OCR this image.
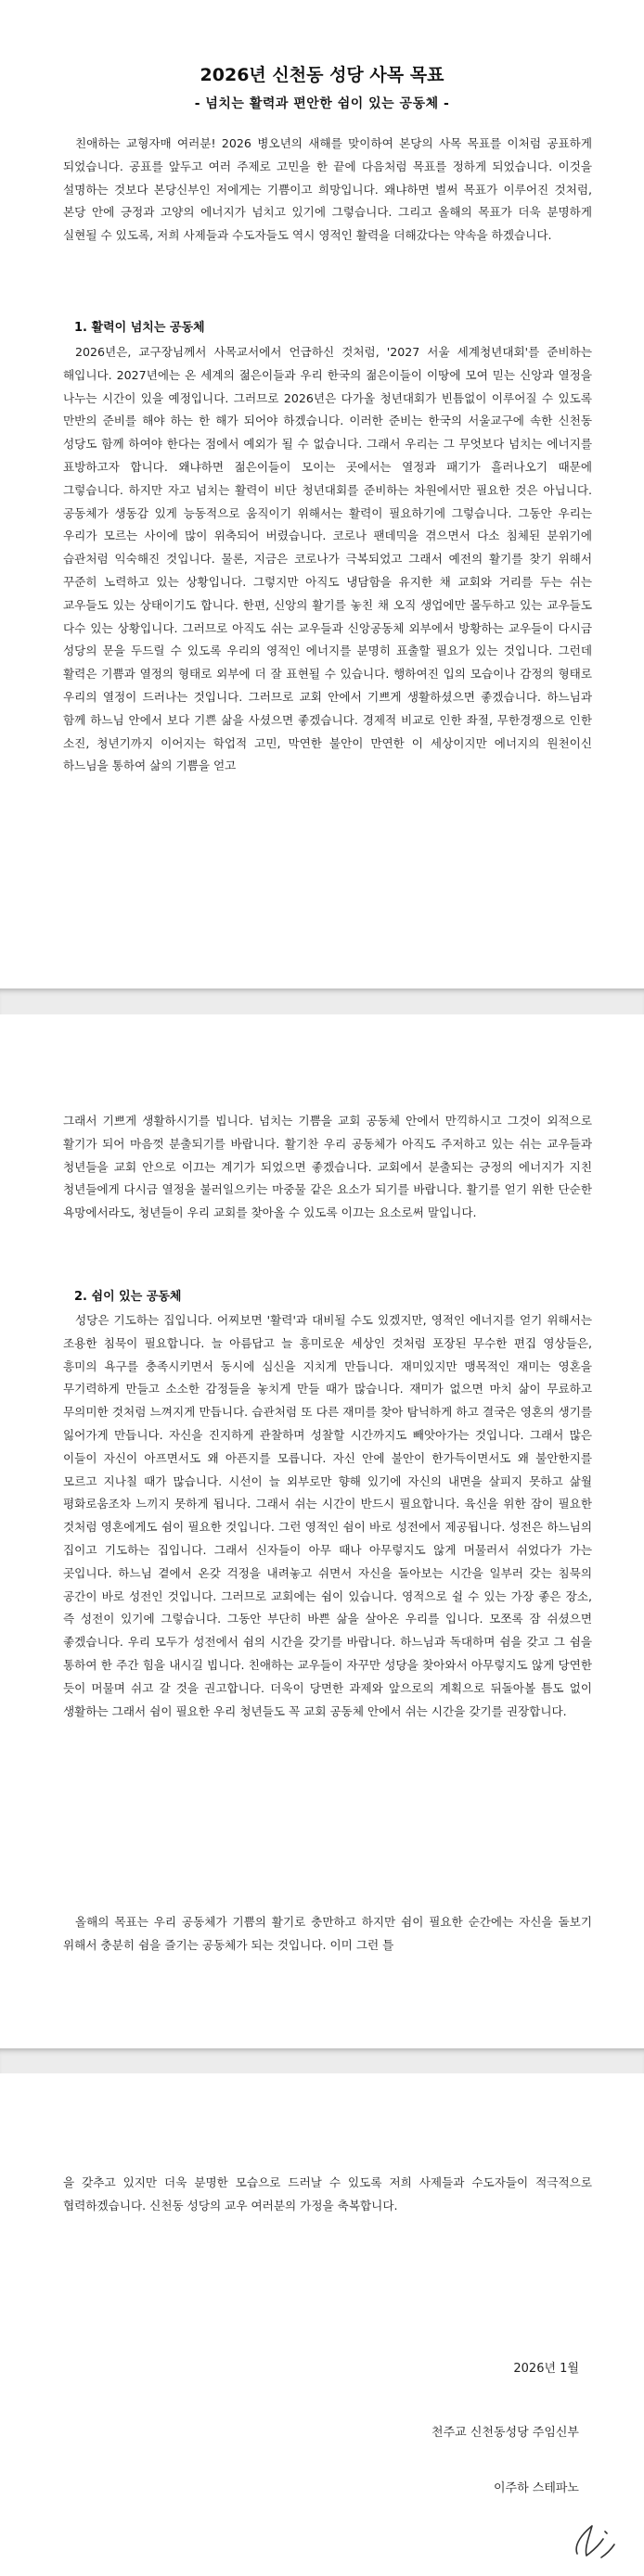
2026년 신천동 성당 사목 목표
- 넘치는 활력과 편안한 쉼이 있는 공동체 -
친애하는 교형자매 여러분! 2026 병오년의 새해를 맞이하여 본당의 사목 목표를 이처럼 공표하게 되었습니다. 공표를 앞두고 여러 주제로 고민을 한 끝에 다음처럼 목표를 정하게 되었습니다. 이것을 설명하는 것보다 본당신부인 저에게는 기쁨이고 희망입니다. 왜냐하면 벌써 목표가 이루어진 것처럼, 본당 안에 긍정과 고양의 에너지가 넘치고 있기에 그렇습니다. 그리고 올해의 목표가 더욱 분명하게 실현될 수 있도록, 저희 사제들과 수도자들도 역시 영적인 활력을 더해갔다는 약속을 하겠습니다.
1. 활력이 넘치는 공동체
2026년은, 교구장님께서 사목교서에서 언급하신 것처럼, '2027 서울 세계청년대회'를 준비하는 해입니다. 2027년에는 온 세계의 젊은이들과 우리 한국의 젊은이들이 이땅에 모여 믿는 신앙과 열정을 나누는 시간이 있을 예정입니다. 그러므로 2026년은 다가올 청년대회가 빈틈없이 이루어질 수 있도록 만반의 준비를 해야 하는 한 해가 되어야 하겠습니다. 이러한 준비는 한국의 서울교구에 속한 신천동 성당도 함께 하여야 한다는 점에서 예외가 될 수 없습니다. 그래서 우리는 그 무엇보다 넘치는 에너지를 표방하고자 합니다. 왜냐하면 젊은이들이 모이는 곳에서는 열정과 패기가 흘러나오기 때문에 그렇습니다. 하지만 자고 넘치는 활력이 비단 청년대회를 준비하는 차원에서만 필요한 것은 아닙니다. 공동체가 생동감 있게 능동적으로 움직이기 위해서는 활력이 필요하기에 그렇습니다. 그동안 우리는 우리가 모르는 사이에 많이 위축되어 버렸습니다. 코로나 팬데믹을 겪으면서 다소 침체된 분위기에 습관처럼 익숙해진 것입니다. 물론, 지금은 코로나가 극복되었고 그래서 예전의 활기를 찾기 위해서 꾸준히 노력하고 있는 상황입니다. 그렇지만 아직도 냉담함을 유지한 채 교회와 거리를 두는 쉬는 교우들도 있는 상태이기도 합니다. 한편, 신앙의 활기를 놓친 채 오직 생업에만 몰두하고 있는 교우들도 다수 있는 상황입니다. 그러므로 아직도 쉬는 교우들과 신앙공동체 외부에서 방황하는 교우들이 다시금 성당의 문을 두드릴 수 있도록 우리의 영적인 에너지를 분명히 표출할 필요가 있는 것입니다. 그런데 활력은 기쁨과 열정의 형태로 외부에 더 잘 표현될 수 있습니다. 행하여진 입의 모습이나 감정의 형태로 우리의 열정이 드러나는 것입니다. 그러므로 교회 안에서 기쁘게 생활하셨으면 좋겠습니다. 하느님과 함께 하느님 안에서 보다 기쁜 삶을 사셨으면 좋겠습니다. 경제적 비교로 인한 좌절, 무한경쟁으로 인한 소진, 청년기까지 이어지는 학업적 고민, 막연한 불안이 만연한 이 세상이지만 에너지의 원천이신 하느님을 통하여 삶의 기쁨을 얻고
그래서 기쁘게 생활하시기를 빕니다. 넘치는 기쁨을 교회 공동체 안에서 만끽하시고 그것이 외적으로 활기가 되어 마음껏 분출되기를 바랍니다. 활기찬 우리 공동체가 아직도 주저하고 있는 쉬는 교우들과 청년들을 교회 안으로 이끄는 계기가 되었으면 좋겠습니다. 교회에서 분출되는 긍정의 에너지가 지친 청년들에게 다시금 열정을 불러일으키는 마중물 같은 요소가 되기를 바랍니다. 활기를 얻기 위한 단순한 욕망에서라도, 청년들이 우리 교회를 찾아올 수 있도록 이끄는 요소로써 말입니다.
2. 쉼이 있는 공동체
성당은 기도하는 집입니다. 어찌보면 '활력'과 대비될 수도 있겠지만, 영적인 에너지를 얻기 위해서는 조용한 침묵이 필요합니다. 늘 아름답고 늘 흥미로운 세상인 것처럼 포장된 무수한 편집 영상들은, 흥미의 욕구를 충족시키면서 동시에 심신을 지치게 만듭니다. 재미있지만 맹목적인 재미는 영혼을 무기력하게 만들고 소소한 감정들을 놓치게 만들 때가 많습니다. 재미가 없으면 마치 삶이 무료하고 무의미한 것처럼 느껴지게 만듭니다. 습관처럼 또 다른 재미를 찾아 탐닉하게 하고 결국은 영혼의 생기를 잃어가게 만듭니다. 자신을 진지하게 관찰하며 성찰할 시간까지도 빼앗아가는 것입니다. 그래서 많은 이들이 자신이 아프면서도 왜 아픈지를 모릅니다. 자신 안에 불안이 한가득이면서도 왜 불안한지를 모르고 지나칠 때가 많습니다. 시선이 늘 외부로만 향해 있기에 자신의 내면을 살피지 못하고 삶월 평화로움조차 느끼지 못하게 됩니다. 그래서 쉬는 시간이 반드시 필요합니다. 육신을 위한 잠이 필요한 것처럼 영혼에게도 쉼이 필요한 것입니다. 그런 영적인 쉼이 바로 성전에서 제공됩니다. 성전은 하느님의 집이고 기도하는 집입니다. 그래서 신자들이 아무 때나 아무렇지도 않게 머물러서 쉬었다가 가는 곳입니다. 하느님 곁에서 온갖 걱정을 내려놓고 쉬면서 자신을 돌아보는 시간을 일부러 갖는 침묵의 공간이 바로 성전인 것입니다. 그러므로 교회에는 쉼이 있습니다. 영적으로 쉴 수 있는 가장 좋은 장소, 즉 성전이 있기에 그렇습니다. 그동안 부단히 바쁜 삶을 살아온 우리를 입니다. 모쪼록 잠 쉬셨으면 좋겠습니다. 우리 모두가 성전에서 쉼의 시간을 갖기를 바랍니다. 하느님과 독대하며 쉼을 갖고 그 쉼을 통하여 한 주간 힘을 내시길 빕니다. 친애하는 교우들이 자꾸만 성당을 찾아와서 아무렇지도 않게 당연한 듯이 머물며 쉬고 갈 것을 권고합니다. 더욱이 당면한 과제와 앞으로의 계획으로 뒤돌아볼 틈도 없이 생활하는 그래서 쉼이 필요한 우리 청년들도 꼭 교회 공동체 안에서 쉬는 시간을 갖기를 권장합니다.
올해의 목표는 우리 공동체가 기쁨의 활기로 충만하고 하지만 쉼이 필요한 순간에는 자신을 돌보기 위해서 충분히 쉼을 즐기는 공동체가 되는 것입니다. 이미 그런 틀
을 갖추고 있지만 더욱 분명한 모습으로 드러날 수 있도록 저희 사제들과 수도자들이 적극적으로 협력하겠습니다. 신천동 성당의 교우 여러분의 가정을 축복합니다.
2026년 1월
천주교 신천동성당 주임신부
이주하 스테파노
